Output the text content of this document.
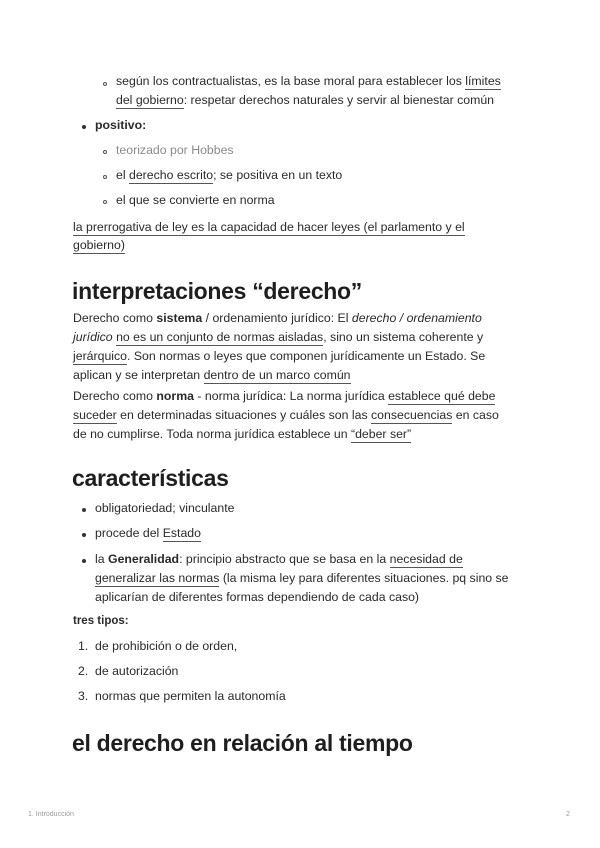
según los contractualistas, es la base moral para establecer los límites
del gobierno: respetar derechos naturales y servir al bienestar común
positivo:
teorizado por Hobbes
el derecho escrito; se positiva en un texto
el que se convierte en norma
la prerrogativa de ley es la capacidad de hacer leyes (el parlamento y el
gobierno)
interpretaciones “derecho”
Derecho como sistema / ordenamiento jurídico: El derecho / ordenamiento
jurídico no es un conjunto de normas aisladas, sino un sistema coherente y
jerárquico. Son normas o leyes que componen jurídicamente un Estado. Se
aplican y se interpretan dentro de un marco común
Derecho como norma - norma jurídica: La norma jurídica establece qué debe
suceder en determinadas situaciones y cuáles son las consecuencias en caso
de no cumplirse. Toda norma jurídica establece un “deber ser”
características
obligatoriedad; vinculante
procede del Estado
la Generalidad: principio abstracto que se basa en la necesidad de
generalizar las normas (la misma ley para diferentes situaciones. pq sino se
aplicarían de diferentes formas dependiendo de cada caso)
tres tipos:
1. de prohibición o de orden,
2. de autorización
3. normas que permiten la autonomía
el derecho en relación al tiempo
1. Introducción	2
